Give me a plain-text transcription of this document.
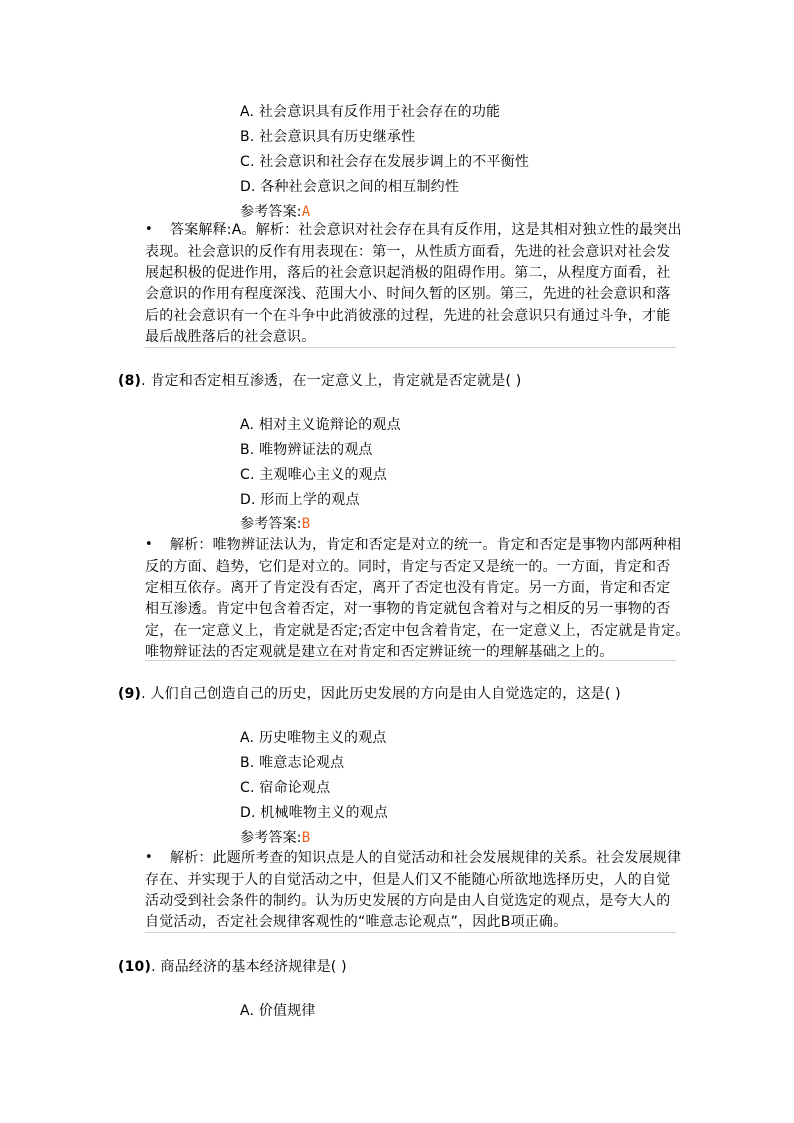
A. 社会意识具有反作用于社会存在的功能
B. 社会意识具有历史继承性
C. 社会意识和社会存在发展步调上的不平衡性
D. 各种社会意识之间的相互制约性
参考答案:A
• 答案解释:A。解析：社会意识对社会存在具有反作用，这是其相对独立性的最突出
表现。社会意识的反作有用表现在：第一，从性质方面看，先进的社会意识对社会发
展起积极的促进作用，落后的社会意识起消极的阻碍作用。第二，从程度方面看，社
会意识的作用有程度深浅、范围大小、时间久暂的区别。第三，先进的社会意识和落
后的社会意识有一个在斗争中此消彼涨的过程，先进的社会意识只有通过斗争，才能
最后战胜落后的社会意识。
(8). 肯定和否定相互渗透，在一定意义上，肯定就是否定就是( )
A. 相对主义诡辩论的观点
B. 唯物辨证法的观点
C. 主观唯心主义的观点
D. 形而上学的观点
参考答案:B
• 解析：唯物辨证法认为，肯定和否定是对立的统一。肯定和否定是事物内部两种相
反的方面、趋势，它们是对立的。同时，肯定与否定又是统一的。一方面，肯定和否
定相互依存。离开了肯定没有否定，离开了否定也没有肯定。另一方面，肯定和否定
相互渗透。肯定中包含着否定，对一事物的肯定就包含着对与之相反的另一事物的否
定，在一定意义上，肯定就是否定;否定中包含着肯定，在一定意义上，否定就是肯定。
唯物辩证法的否定观就是建立在对肯定和否定辨证统一的理解基础之上的。
(9). 人们自己创造自己的历史，因此历史发展的方向是由人自觉选定的，这是( )
A. 历史唯物主义的观点
B. 唯意志论观点
C. 宿命论观点
D. 机械唯物主义的观点
参考答案:B
• 解析：此题所考查的知识点是人的自觉活动和社会发展规律的关系。社会发展规律
存在、并实现于人的自觉活动之中，但是人们又不能随心所欲地选择历史，人的自觉
活动受到社会条件的制约。认为历史发展的方向是由人自觉选定的观点，是夸大人的
自觉活动，否定社会规律客观性的“唯意志论观点”，因此B项正确。
(10). 商品经济的基本经济规律是( )
A. 价值规律
